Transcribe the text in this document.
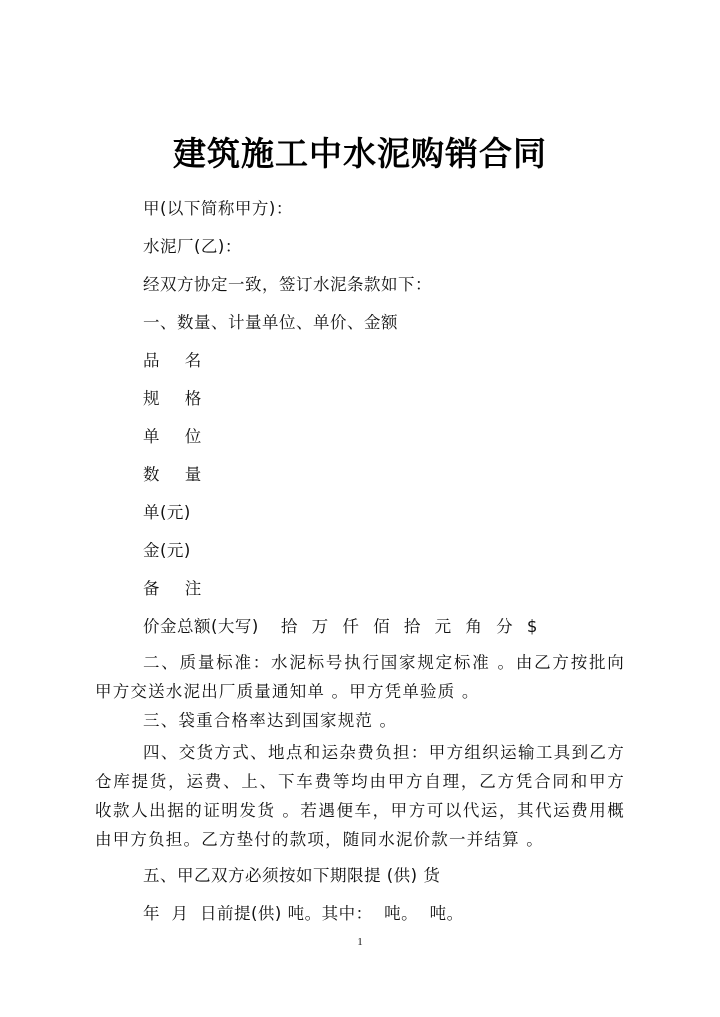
建筑施工中水泥购销合同
甲(以下简称甲方)：
水泥厂(乙)：
经双方协定一致，签订水泥条款如下：
一、数量、计量单位、单价、金额
品 名
规 格
单 位
数 量
单(元)
金(元)
备 注
价金总额(大写) 拾 万 仟 佰 拾 元 角 分 $
二、质量标准：水泥标号执行国家规定标准 。由乙方按批向甲方交送水泥出厂质量通知单 。甲方凭单验质 。
三、袋重合格率达到国家规范 。
四、交货方式、地点和运杂费负担：甲方组织运输工具到乙方仓库提货，运费、上、下车费等均由甲方自理，乙方凭合同和甲方收款人出据的证明发货 。若遇便车，甲方可以代运，其代运费用概由甲方负担。乙方垫付的款项，随同水泥价款一并结算 。
五、甲乙双方必须按如下期限提 (供) 货
年  月  日前提(供) 吨。其中：  吨。  吨。
1
